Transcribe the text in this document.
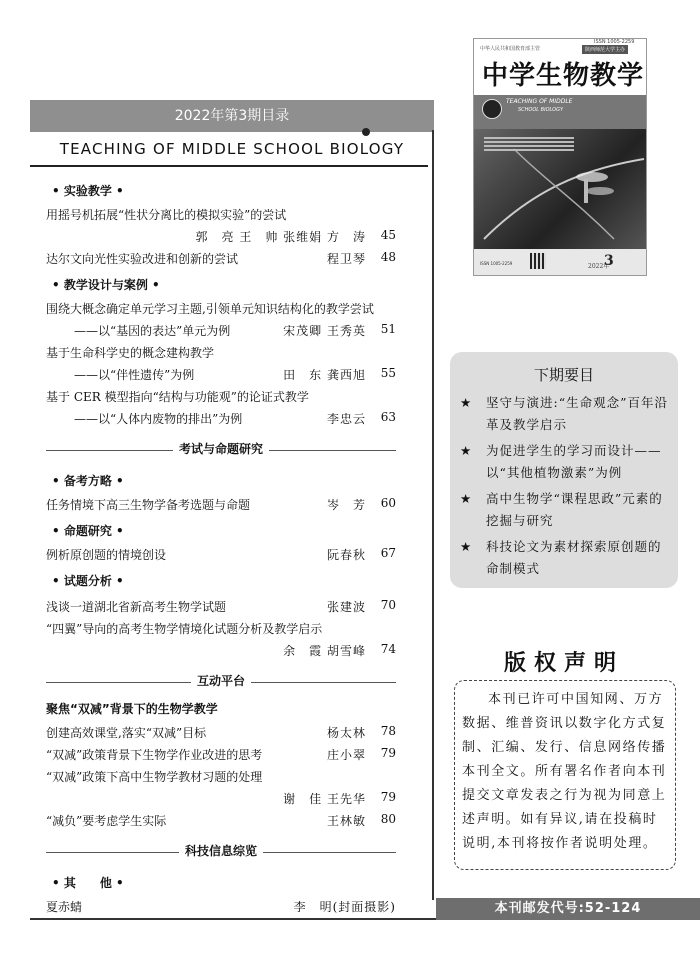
2022年第3期目录
TEACHING OF MIDDLE SCHOOL BIOLOGY
• 实验教学 •
用摇号机拓展“性状分离比的模拟实验”的尝试
郭　亮 王　帅 张维娟 方　涛	45
达尔文向光性实验改进和创新的尝试	程卫琴	48
• 教学设计与案例 •
围绕大概念确定单元学习主题,引领单元知识结构化的教学尝试
——以“基因的表达”单元为例	宋茂卿 王秀英	51
基于生命科学史的概念建构教学
——以“伴性遗传”为例	田　东 龚西旭	55
基于 CER 模型指向“结构与功能观”的论证式教学
——以“人体内废物的排出”为例	李忠云	63
考试与命题研究
• 备考方略 •
任务情境下高三生物学备考选题与命题	岑　芳	60
• 命题研究 •
例析原创题的情境创设	阮春秋	67
• 试题分析 •
浅谈一道湖北省新高考生物学试题	张建波	70
“四翼”导向的高考生物学情境化试题分析及教学启示
余　霞 胡雪峰	74
互动平台
聚焦“双减”背景下的生物学教学
创建高效课堂,落实“双减”目标	杨太林	78
“双减”政策背景下生物学作业改进的思考	庄小翠	79
“双减”政策下高中生物学教材习题的处理
谢　佳 王先华	79
“减负”要考虑学生实际	王林敏	80
科技信息综览
• 其　　他 •
夏赤蜻	李　明(封面摄影)
中华人民共和国教育部主管
ISSN 1005-2259
陕西师范大学主办
中学生物教学
TEACHING OF MIDDLE
SCHOOL BIOLOGY
ISSN 1005-2259	2022年
3
下期要目
★ 坚守与演进:“生命观念”百年沿革及教学启示
★ 为促进学生的学习而设计——以“其他植物激素”为例
★ 高中生物学“课程思政”元素的挖掘与研究
★ 科技论文为素材探索原创题的命制模式
版权声明
本刊已许可中国知网、万方数据、维普资讯以数字化方式复制、汇编、发行、信息网络传播本刊全文。所有署名作者向本刊提交文章发表之行为视为同意上述声明。如有异议,请在投稿时说明,本刊将按作者说明处理。
本刊邮发代号:52-124
